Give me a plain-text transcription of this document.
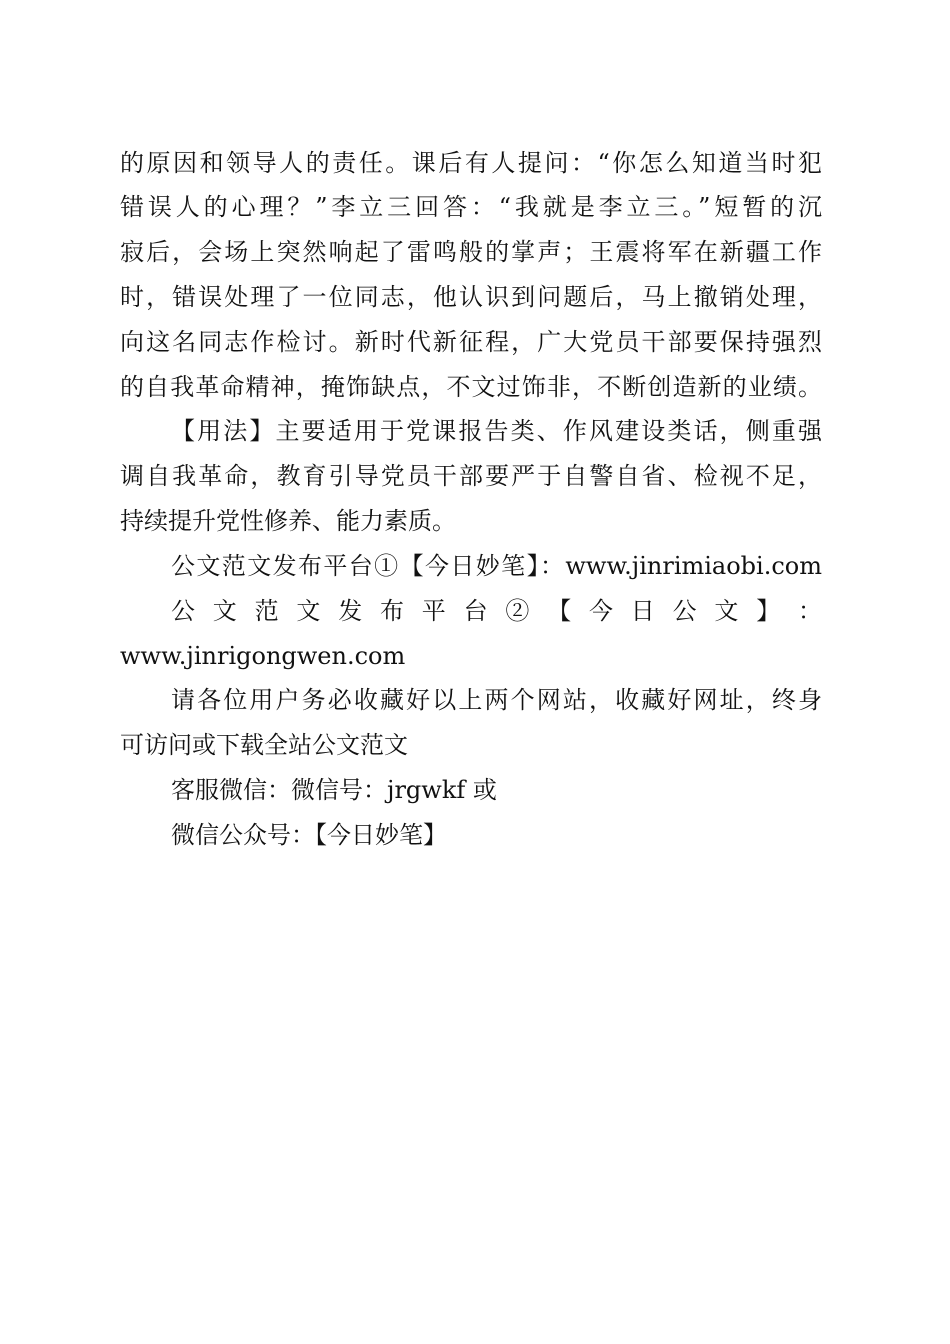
的原因和领导人的责任。课后有人提问：“你怎么知道当时犯
错误人的心理？”李立三回答：“我就是李立三。”短暂的沉
寂后，会场上突然响起了雷鸣般的掌声；王震将军在新疆工作
时，错误处理了一位同志，他认识到问题后，马上撤销处理，
向这名同志作检讨。新时代新征程，广大党员干部要保持强烈
的自我革命精神，掩饰缺点，不文过饰非，不断创造新的业绩。
【用法】主要适用于党课报告类、作风建设类话，侧重强
调自我革命，教育引导党员干部要严于自警自省、检视不足，
持续提升党性修养、能力素质。
公文范文发布平台①【今日妙笔】：www.jinrimiaobi.com
公 文 范 文 发 布 平 台 ② 【 今 日 公 文 】 ：
www.jinrigongwen.com
请各位用户务必收藏好以上两个网站，收藏好网址，终身
可访问或下载全站公文范文
客服微信：微信号：jrgwkf 或
微信公众号：【今日妙笔】
